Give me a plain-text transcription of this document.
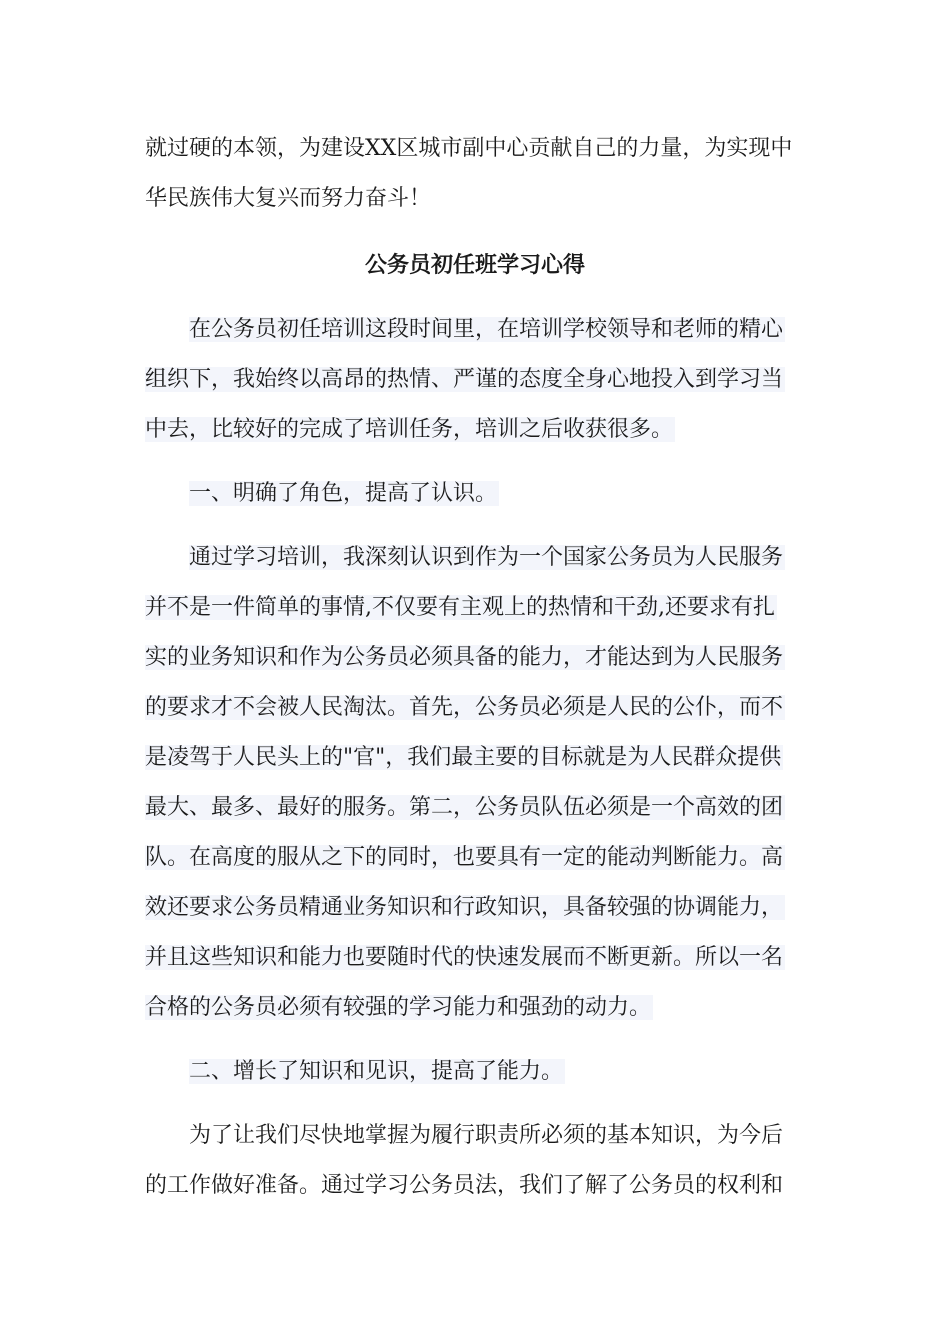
就过硬的本领，为建设XX区城市副中心贡献自己的力量，为实现中
华民族伟大复兴而努力奋斗！
公务员初任班学习心得
在公务员初任培训这段时间里，在培训学校领导和老师的精心
组织下，我始终以高昂的热情、严谨的态度全身心地投入到学习当
中去，比较好的完成了培训任务，培训之后收获很多。
一、明确了角色，提高了认识。
通过学习培训，我深刻认识到作为一个国家公务员为人民服务
并不是一件简单的事情,不仅要有主观上的热情和干劲,还要求有扎
实的业务知识和作为公务员必须具备的能力，才能达到为人民服务
的要求才不会被人民淘汰。首先，公务员必须是人民的公仆，而不
是凌驾于人民头上的"官"，我们最主要的目标就是为人民群众提供
最大、最多、最好的服务。第二，公务员队伍必须是一个高效的团
队。在高度的服从之下的同时，也要具有一定的能动判断能力。高
效还要求公务员精通业务知识和行政知识，具备较强的协调能力，
并且这些知识和能力也要随时代的快速发展而不断更新。所以一名
合格的公务员必须有较强的学习能力和强劲的动力。
二、增长了知识和见识，提高了能力。
为了让我们尽快地掌握为履行职责所必须的基本知识，为今后
的工作做好准备。通过学习公务员法，我们了解了公务员的权利和
